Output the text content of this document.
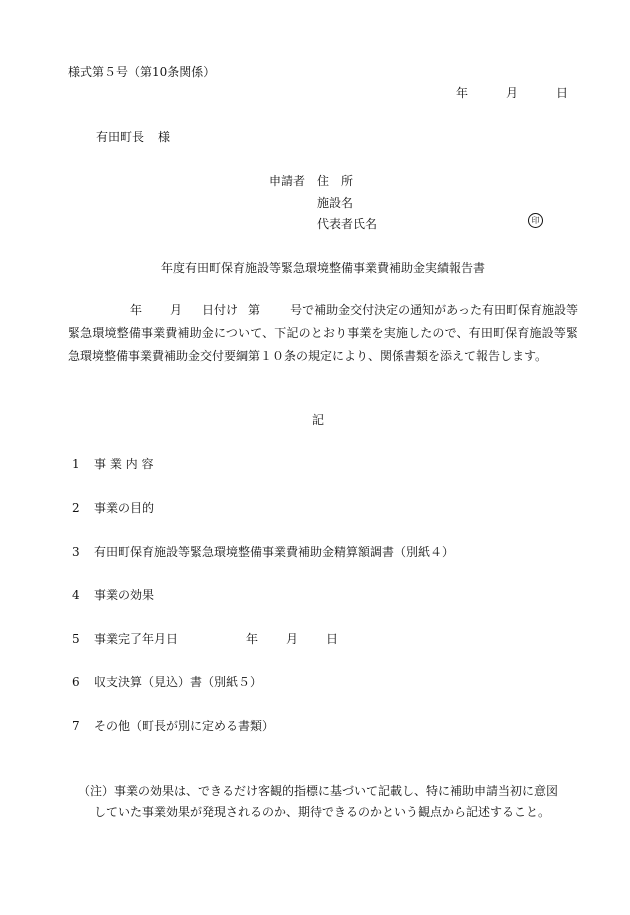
様式第５号（第10条関係）
年	月	日
有田町長 様
申請者 住　所
施設名
代表者氏名	印
年度有田町保育施設等緊急環境整備事業費補助金実績報告書
年 月 日付け 第	号で補助金交付決定の通知があった有田町保育施設等緊急環境整備事業費補助金について、下記のとおり事業を実施したので、有田町保育施設等緊急環境整備事業費補助金交付要綱第１０条の規定により、関係書類を添えて報告します。
記
1 事 業 内 容
2 事業の目的
3 有田町保育施設等緊急環境整備事業費補助金精算額調書（別紙４）
4 事業の効果
5 事業完了年月日	年 月 日
6 収支決算（見込）書（別紙５）
7 その他（町長が別に定める書類）
（注）事業の効果は、できるだけ客観的指標に基づいて記載し、特に補助申請当初に意図
していた事業効果が発現されるのか、期待できるのかという観点から記述すること。
